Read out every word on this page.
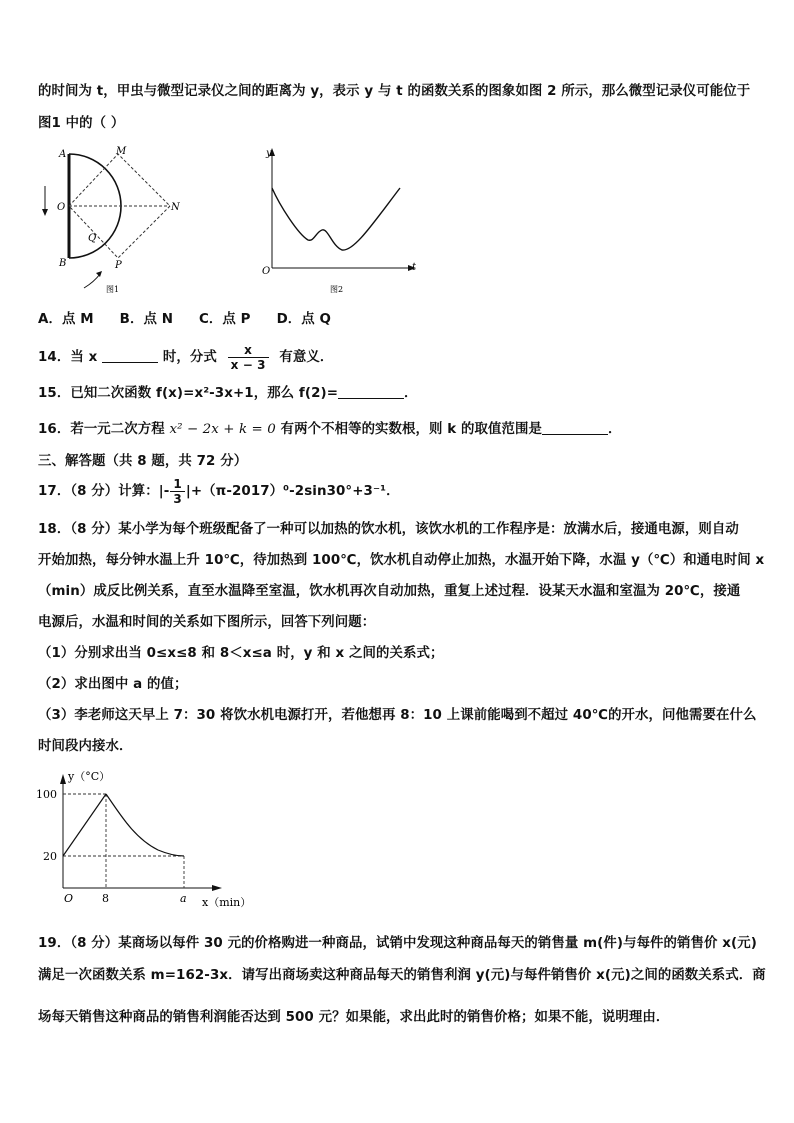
的时间为 t，甲虫与微型记录仪之间的距离为 y，表示 y 与 t 的函数关系的图象如图 2 所示，那么微型记录仪可能位于
图1 中的（ ）
A	M
O	N
Q
B	P
图1
y
O	t
图2
A．点 M B．点 N C．点 P D．点 Q
14．当 x	时，分式 $\frac{x}{x - 3}$ 有意义．
15．已知二次函数 f(x)=x²-3x+1，那么 f(2)=	．
16．若一元二次方程 x² − 2x + k = 0 有两个不相等的实数根，则 k 的取值范围是	．
三、解答题（共 8 题，共 72 分）
17．（8 分）计算：|- $\frac{1}{3} |+(\pi-2017)^0-2\sin 30^\circ+3^{-1}$．
18．（8 分）某小学为每个班级配备了一种可以加热的饮水机，该饮水机的工作程序是：放满水后，接通电源，则自动
开始加热，每分钟水温上升 10℃，待加热到 100℃，饮水机自动停止加热，水温开始下降，水温 y（℃）和通电时间 x
（min）成反比例关系，直至水温降至室温，饮水机再次自动加热，重复上述过程．设某天水温和室温为 20℃，接通
电源后，水温和时间的关系如下图所示，回答下列问题：
（1）分别求出当 0≤x≤8 和 8＜x≤a 时，y 和 x 之间的关系式；
（2）求出图中 a 的值；
（3）李老师这天早上 7：30 将饮水机电源打开，若他想再 8：10 上课前能喝到不超过 40℃的开水，问他需要在什么
时间段内接水．
y（°C）
100
20
O	8	a x（min）
19．（8 分）某商场以每件 30 元的价格购进一种商品，试销中发现这种商品每天的销售量 m(件)与每件的销售价 x(元)
满足一次函数关系 m=162-3x．请写出商场卖这种商品每天的销售利润 y(元)与每件销售价 x(元)之间的函数关系式．商
场每天销售这种商品的销售利润能否达到 500 元？如果能，求出此时的销售价格；如果不能，说明理由．
